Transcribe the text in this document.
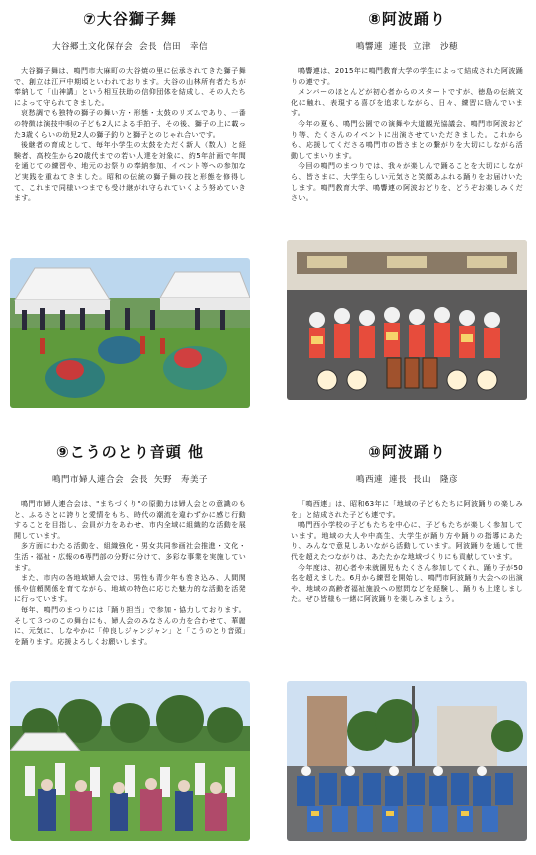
⑦大谷獅子舞
大谷郷土文化保存会 会長 信田　幸信

大谷獅子舞は、鳴門市大麻町の大谷焼の里に伝承されてきた獅子舞で、創立は江戸中期頃といわれております。大谷の山林所有者たちが奉納して「山神講」という相互扶助の信仰団体を結成し、その人たちによって守られてきました。

哀愁調でも独特の獅子の舞い方・形態・太鼓のリズムであり、一番の特徴は演技中唄の子ども2人による手拍子、その後、獅子の上に載った3歳くらいの幼児2人の獅子釣りと獅子とのじゃれ合いです。

後継者の育成として、毎年小学生の太鼓をただく新人（数人）と経験者、高校生から20歳代までの若い人達を対象に、約5年計画で年間を通じての練習や、地元のお祭りの奉納参加、イベント等への参加など実践を重ねてきました。昭和の伝統の獅子舞の技と形態を修得して、これまで同様いつまでも受け継がれ守られていくよう努めていきます。

⑧阿波踊り
鳴響連 連長 立津　沙穂

鳴響連は、2015年に鳴門教育大学の学生によって結成された阿波踊りの連です。

メンバーのほとんどが初心者からのスタートですが、徳島の伝統文化に触れ、表現する喜びを追求しながら、日々、練習に励んでいます。

今年の夏も、鳴門公園での演舞や大道観光協議会、鳴門市阿波おどり等、たくさんのイベントに出演させていただきました。これからも、応援してくださる鳴門市の皆さまとの繋がりを大切にしながら活動してまいります。

今回の鳴門のまつりでは、我々が楽しんで踊ることを大切にしながら、皆さまに、大学生らしい元気さと笑顔あふれる踊りをお届けいたします。鳴門教育大学、鳴響連の阿波おどりを、どうぞお楽しみください。

⑨こうのとり音頭 他
鳴門市婦人連合会 会長 矢野　寿美子

鳴門市婦人連合会は、"まちづくり"の原動力は婦人会との意識のもと、ふるさとに誇りと愛情をもち、時代の潮流を違わずかに感じ行動することを目指し、会員が力をあわせ、市内全域に組織的な活動を展開しています。

多方面にわたる活動を、組織強化・男女共同参画社会推進・文化・生活・福祉・広報の6専門部の分野に分けて、多彩な事業を実施しています。

また、市内の各地域婦人会では、男性も青少年も巻き込み、人間関係や信頼関係を育てながら、地域の特色に応じた魅力的な活動を活発に行っています。

毎年、鳴門のまつりには「踊り担当」で参加・協力しております。そして３つのこの舞台にも、婦人会のみなさんの力を合わせて、華麗に、元気に、しなやかに「仲良しジャンジャン」と「こうのとり音頭」を踊ります。応援よろしくお願いします。

⑩阿波踊り
鳴西連 連長 長山　隆彦

「鳴西連」は、昭和63年に「地域の子どもたちに阿波踊りの楽しみを」と結成された子ども連です。

鳴門西小学校の子どもたちを中心に、子どもたちが楽しく参加しています。地域の大人や中高生、大学生が踊り方や踊りの指導にあたり、みんなで意見しあいながら活動しています。阿波踊りを通して世代を超えたつながりは、あたたかな地域づくりにも貢献しています。

今年度は、初心者や未就園児もたくさん参加してくれ、踊り子が50名を超えました。6月から練習を開始し、鳴門市阿波踊り大会への出演や、地域の高齢者福祉施設への慰問などを経験し、踊りも上達しました。ぜひ皆様も一緒に阿波踊りを楽しみましょう。
